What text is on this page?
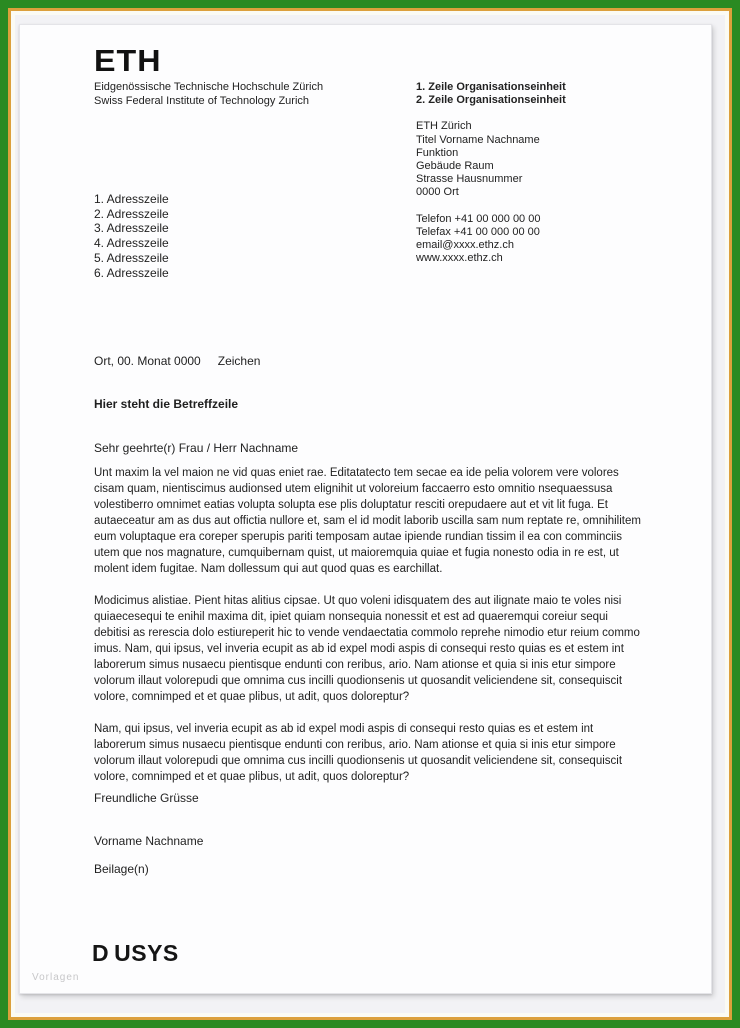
ETH
Eidgenössische Technische Hochschule Zürich
Swiss Federal Institute of Technology Zurich
1. Zeile Organisationseinheit
2. Zeile Organisationseinheit
ETH Zürich
Titel Vorname Nachname
Funktion
Gebäude Raum
Strasse Hausnummer
0000 Ort
Telefon +41 00 000 00 00
Telefax +41 00 000 00 00
email@xxxx.ethz.ch
www.xxxx.ethz.ch
1. Adresszeile
2. Adresszeile
3. Adresszeile
4. Adresszeile
5. Adresszeile
6. Adresszeile
Ort, 00. Monat 0000 Zeichen
Hier steht die Betreffzeile
Sehr geehrte(r) Frau / Herr Nachname

Unt maxim la vel maion ne vid quas eniet rae. Editatatecto tem secae ea ide pelia volorem vere volores cisam quam, nientiscimus audionsed utem elignihit ut voloreium faccaerro esto omnitio nsequaessusa volestiberro omnimet eatias volupta solupta ese plis doluptatur resciti orepudaere aut et vit lit fuga. Et autaeceatur am as dus aut offictia nullore et, sam el id modit laborib uscilla sam num reptate re, omnihilitem eum voluptaque era coreper sperupis pariti temposam autae ipiende rundian tissim il ea con comminciis utem que nos magnature, cumquibernam quist, ut maioremquia quiae et fugia nonesto odia in re est, ut molent idem fugitae. Nam dollessum qui aut quod quas es earchillat.

Modicimus alistiae. Pient hitas alitius cipsae. Ut quo voleni idisquatem des aut ilignate maio te voles nisi quiaecesequi te enihil maxima dit, ipiet quiam nonsequia nonessit et est ad quaeremqui coreiur sequi debitisi as rerescia dolo estiureperit hic to vende vendaectatia commolo reprehe nimodio etur reium commo imus. Nam, qui ipsus, vel inveria ecupit as ab id expel modi aspis di consequi resto quias es et estem int laborerum simus nusaecu pientisque endunti con reribus, ario. Nam ationse et quia si inis etur simpore volorum illaut volorepudi que omnima cus incilli quodionsenis ut quosandit veliciendene sit, consequiscit volore, comnimped et et quae plibus, ut adit, quos doloreptur?

Nam, qui ipsus, vel inveria ecupit as ab id expel modi aspis di consequi resto quias es et estem int laborerum simus nusaecu pientisque endunti con reribus, ario. Nam ationse et quia si inis etur simpore volorum illaut volorepudi que omnima cus incilli quodionsenis ut quosandit veliciendene sit, consequiscit volore, comnimped et et quae plibus, ut adit, quos doloreptur?

Freundliche Grüsse
Vorname Nachname
Beilage(n)
D USYS
Vorlagen
